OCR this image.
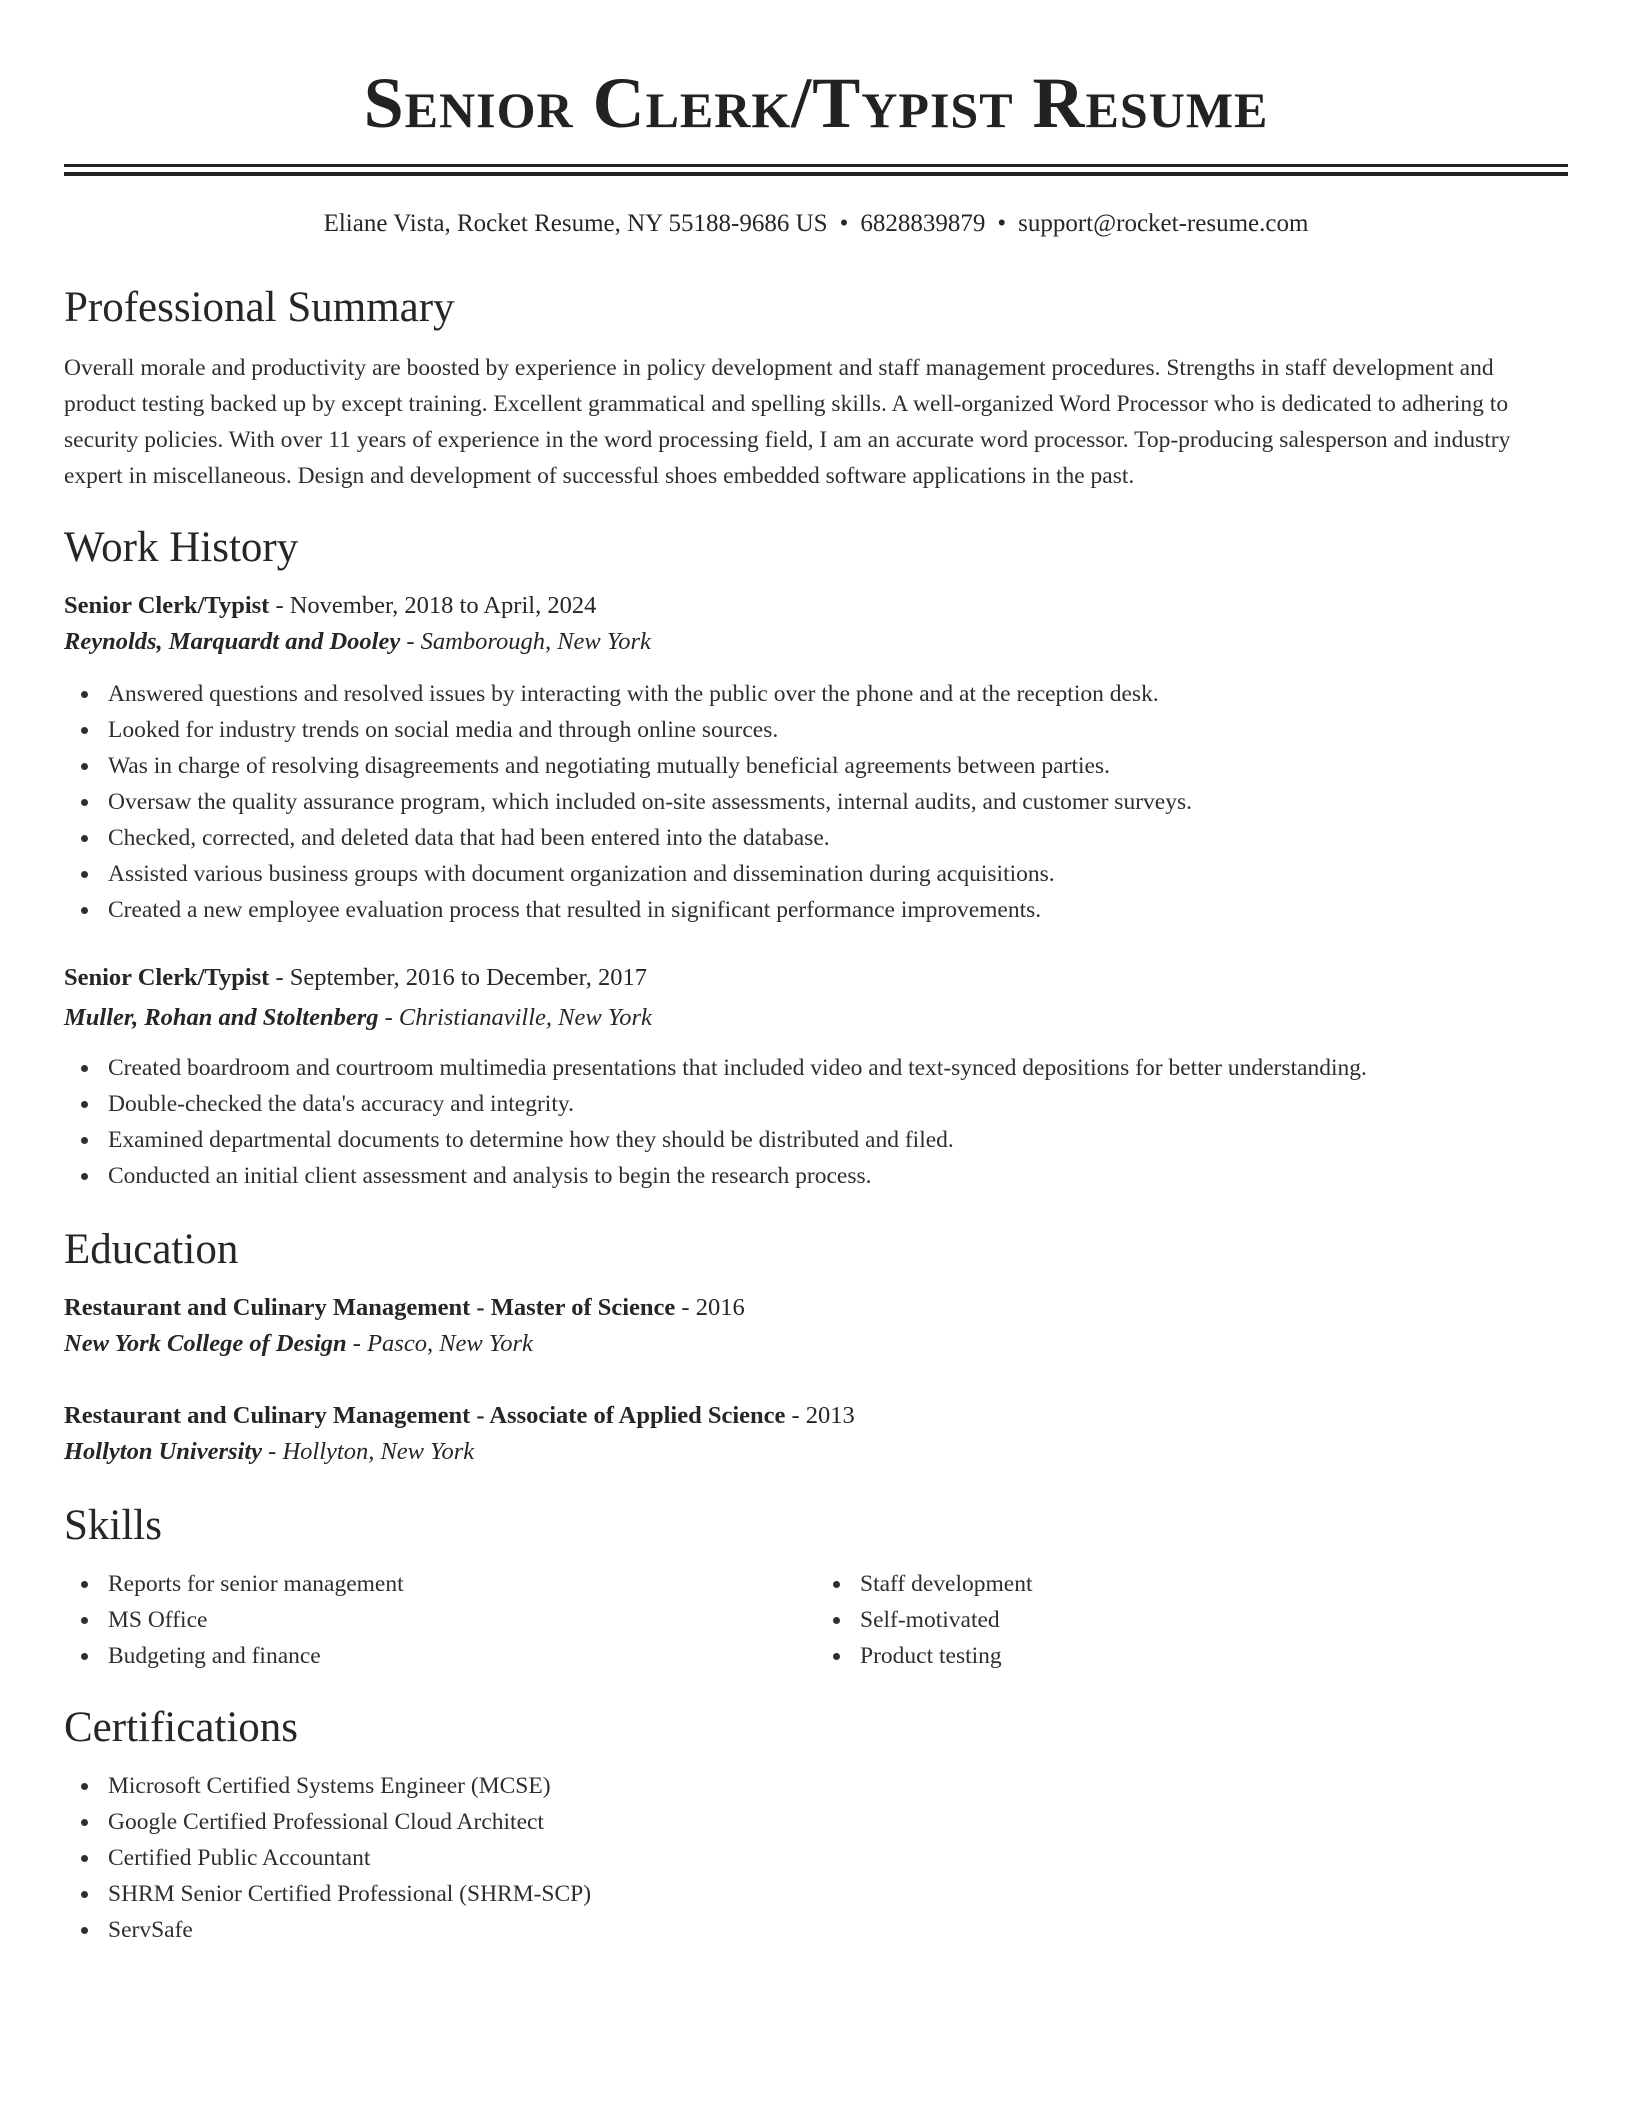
Senior Clerk/Typist Resume
Eliane Vista, Rocket Resume, NY 55188-9686 US • 6828839879 • support@rocket-resume.com
Professional Summary

Overall morale and productivity are boosted by experience in policy development and staff management procedures. Strengths in staff development and product testing backed up by except training. Excellent grammatical and spelling skills. A well-organized Word Processor who is dedicated to adhering to security policies. With over 11 years of experience in the word processing field, I am an accurate word processor. Top-producing salesperson and industry expert in miscellaneous. Design and development of successful shoes embedded software applications in the past.

Work History
Senior Clerk/Typist - November, 2018 to April, 2024
Reynolds, Marquardt and Dooley - Samborough, New York
Answered questions and resolved issues by interacting with the public over the phone and at the reception desk.
Looked for industry trends on social media and through online sources.
Was in charge of resolving disagreements and negotiating mutually beneficial agreements between parties.
Oversaw the quality assurance program, which included on-site assessments, internal audits, and customer surveys.
Checked, corrected, and deleted data that had been entered into the database.
Assisted various business groups with document organization and dissemination during acquisitions.
Created a new employee evaluation process that resulted in significant performance improvements.
Senior Clerk/Typist - September, 2016 to December, 2017
Muller, Rohan and Stoltenberg - Christianaville, New York
Created boardroom and courtroom multimedia presentations that included video and text-synced depositions for better understanding.
Double-checked the data's accuracy and integrity.
Examined departmental documents to determine how they should be distributed and filed.
Conducted an initial client assessment and analysis to begin the research process.
Education
Restaurant and Culinary Management - Master of Science - 2016
New York College of Design - Pasco, New York
Restaurant and Culinary Management - Associate of Applied Science - 2013
Hollyton University - Hollyton, New York
Skills
Reports for senior management
MS Office
Budgeting and finance
Staff development
Self-motivated
Product testing
Certifications
Microsoft Certified Systems Engineer (MCSE)
Google Certified Professional Cloud Architect
Certified Public Accountant
SHRM Senior Certified Professional (SHRM-SCP)
ServSafe
